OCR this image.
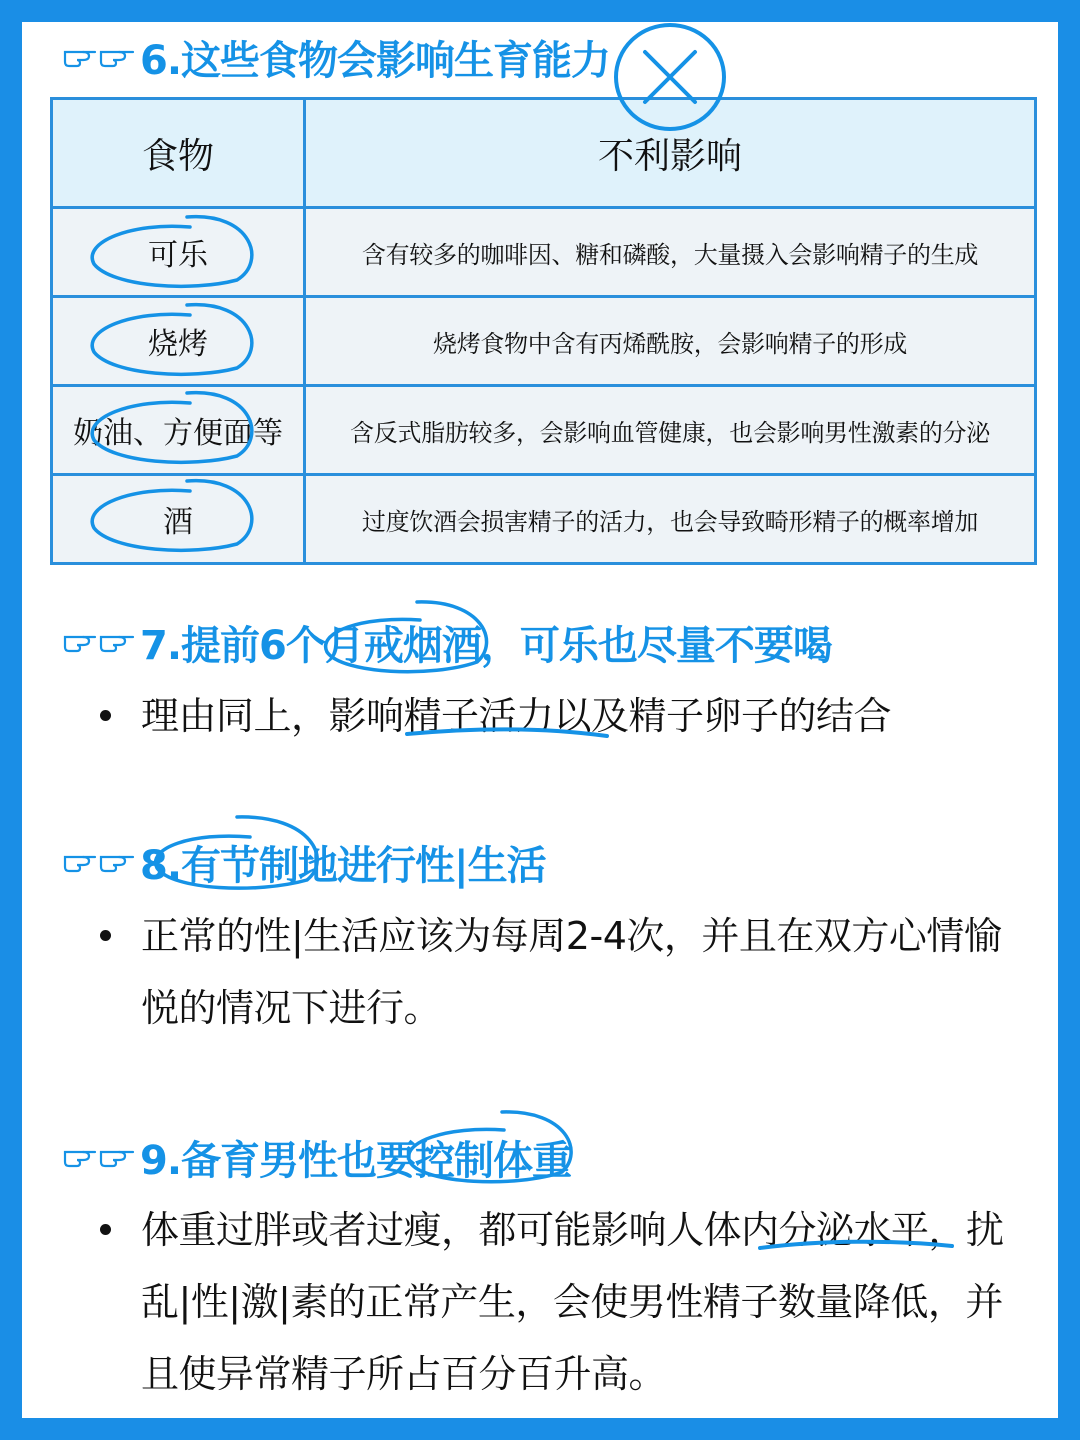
6.这些食物会影响生育能力
食物	不利影响
可乐	含有较多的咖啡因、糖和磷酸，大量摄入会影响精子的生成
烧烤	烧烤食物中含有丙烯酰胺，会影响精子的形成
奶油、方便面等	含反式脂肪较多，会影响血管健康，也会影响男性激素的分泌
酒	过度饮酒会损害精子的活力，也会导致畸形精子的概率增加
7.提前6个月戒烟酒，可乐也尽量不要喝
理由同上，影响精子活力以及精子卵子的结合
8.有节制地进行性|生活
正常的性|生活应该为每周2-4次，并且在双方心情愉悦的情况下进行。
9.备育男性也要控制体重
体重过胖或者过瘦，都可能影响人体内分泌水平，扰乱|性|激|素的正常产生，会使男性精子数量降低，并且使异常精子所占百分百升高。
